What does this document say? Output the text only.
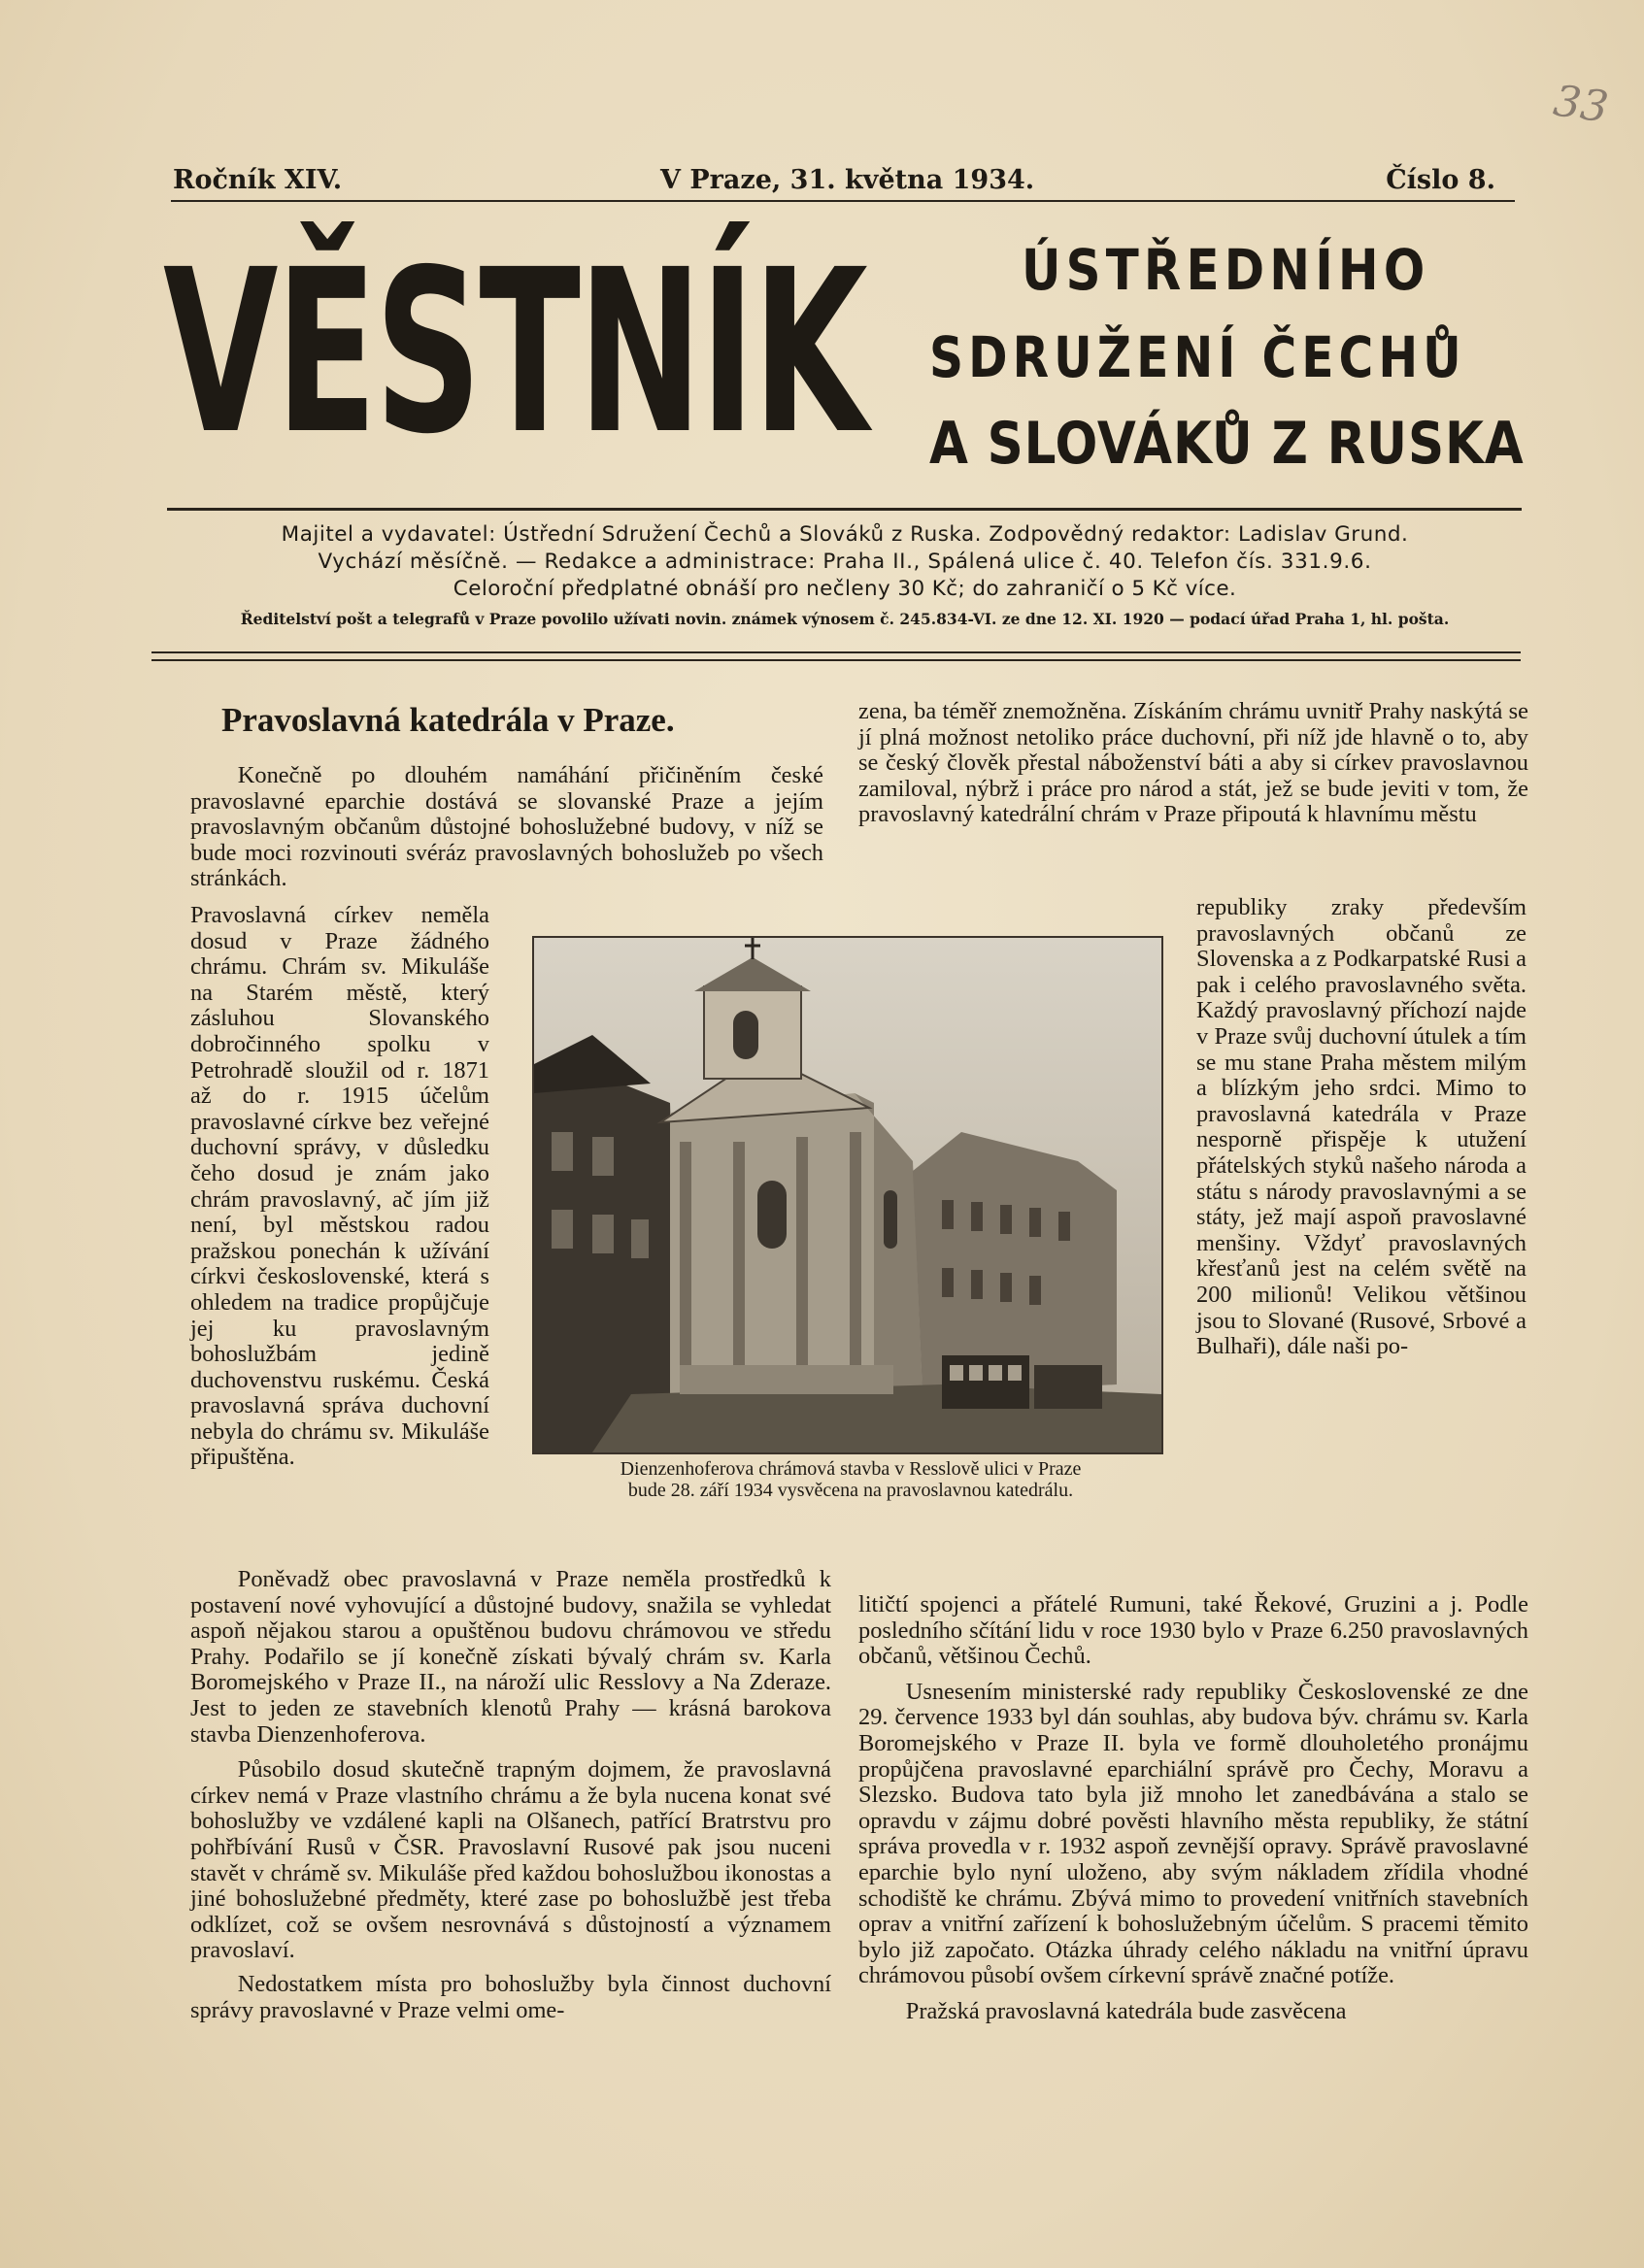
33
Ročník XIV.	V Praze, 31. května 1934.	Číslo 8.
VĚSTNÍK	ÚSTŘEDNÍHO
SDRUŽENÍ ČECHŮ
A SLOVÁKŮ Z RUSKA
Majitel a vydavatel: Ústřední Sdružení Čechů a Slováků z Ruska. Zodpovědný redaktor: Ladislav Grund.
Vychází měsíčně. — Redakce a administrace: Praha II., Spálená ulice č. 40. Telefon čís. 331.9.6.
Celoroční předplatné obnáší pro nečleny 30 Kč; do zahraničí o 5 Kč více.
Ředitelství pošt a telegrafů v Praze povolilo užívati novin. známek výnosem č. 245.834-VI. ze dne 12. XI. 1920 — podací úřad Praha 1, hl. pošta.
Pravoslavná katedrála v Praze.

Konečně po dlouhém namáhání přičiněním české pravoslavné eparchie dostává se slovanské Praze a jejím pravoslavným občanům důstojné bohoslužebné budovy, v níž se bude moci rozvinouti svéráz pravoslavných bohoslužeb po všech stránkách.

Pravoslavná církev neměla dosud v Praze žádného chrámu. Chrám sv. Mikuláše na Starém městě, který zásluhou Slovanského dobročinného spolku v Petrohradě sloužil od r. 1871 až do r. 1915 účelům pravoslavné církve bez veřejné duchovní správy, v důsledku čeho dosud je znám jako chrám pravoslavný, ač jím již není, byl městskou radou pražskou ponechán k užívání církvi československé, která s ohledem na tradice propůjčuje jej ku pravoslavným bohoslužbám jedině duchovenstvu ruskému. Česká pravoslavná správa duchovní nebyla do chrámu sv. Mikuláše připuštěna.

Poněvadž obec pravoslavná v Praze neměla prostředků k postavení nové vyhovující a důstojné budovy, snažila se vyhledat aspoň nějakou starou a opuštěnou budovu chrámovou ve středu Prahy. Podařilo se jí konečně získati bývalý chrám sv. Karla Boromejského v Praze II., na nároží ulic Resslovy a Na Zderaze. Jest to jeden ze stavebních klenotů Prahy — krásná barokova stavba Dienzenhoferova.

Působilo dosud skutečně trapným dojmem, že pravoslavná církev nemá v Praze vlastního chrámu a že byla nucena konat své bohoslužby ve vzdálené kapli na Olšanech, patřící Bratrstvu pro pohřbívání Rusů v ČSR. Pravoslavní Rusové pak jsou nuceni stavět v chrámě sv. Mikuláše před každou bohoslužbou ikonostas a jiné bohoslužebné předměty, které zase po bohoslužbě jest třeba odklízet, což se ovšem nesrovnává s důstojností a významem pravoslaví.

Nedostatkem místa pro bohoslužby byla činnost duchovní správy pravoslavné v Praze velmi ome-

zena, ba téměř znemožněna. Získáním chrámu uvnitř Prahy naskýtá se jí plná možnost netoliko práce duchovní, při níž jde hlavně o to, aby se český člověk přestal náboženství báti a aby si církev pravoslavnou zamiloval, nýbrž i práce pro národ a stát, jež se bude jeviti v tom, že pravoslavný katedrální chrám v Praze připoutá k hlavnímu městu

republiky zraky především pravoslavných občanů ze Slovenska a z Podkarpatské Rusi a pak i celého pravoslavného světa. Každý pravoslavný příchozí najde v Praze svůj duchovní útulek a tím se mu stane Praha městem milým a blízkým jeho srdci. Mimo to pravoslavná katedrála v Praze nesporně přispěje k utužení přátelských styků našeho národa a státu s národy pravoslavnými a se státy, jež mají aspoň pravoslavné menšiny. Vždyť pravoslavných křesťanů jest na celém světě na 200 milionů! Velikou většinou jsou to Slované (Rusové, Srbové a Bulhaři), dále naši po-

litičtí spojenci a přátelé Rumuni, také Řekové, Gruzini a j. Podle posledního sčítání lidu v roce 1930 bylo v Praze 6.250 pravoslavných občanů, většinou Čechů.

Usnesením ministerské rady republiky Československé ze dne 29. července 1933 byl dán souhlas, aby budova býv. chrámu sv. Karla Boromejského v Praze II. byla ve formě dlouholetého pronájmu propůjčena pravoslavné eparchiální správě pro Čechy, Moravu a Slezsko. Budova tato byla již mnoho let zanedbávána a stalo se opravdu v zájmu dobré pověsti hlavního města republiky, že státní správa provedla v r. 1932 aspoň zevnější opravy. Správě pravoslavné eparchie bylo nyní uloženo, aby svým nákladem zřídila vhodné schodiště ke chrámu. Zbývá mimo to provedení vnitřních stavebních oprav a vnitřní zařízení k bohoslužebným účelům. S pracemi těmito bylo již započato. Otázka úhrady celého nákladu na vnitřní úpravu chrámovou působí ovšem církevní správě značné potíže.

Pražská pravoslavná katedrála bude zasvěcena

Dienzenhoferova chrámová stavba v Resslově ulici v Praze
bude 28. září 1934 vysvěcena na pravoslavnou katedrálu.
